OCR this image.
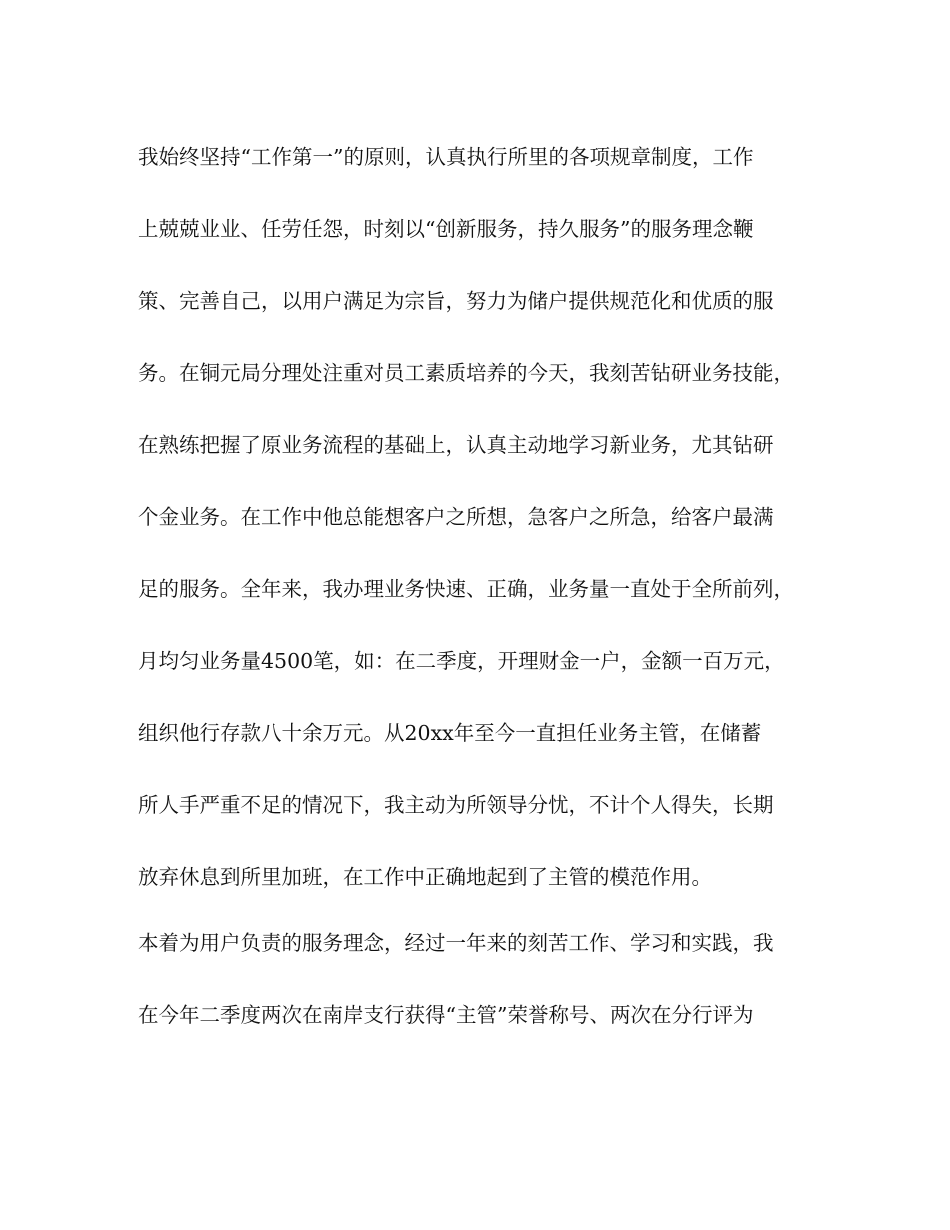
我始终坚持“工作第一”的原则，认真执行所里的各项规章制度，工作
上兢兢业业、任劳任怨，时刻以“创新服务，持久服务”的服务理念鞭
策、完善自己，以用户满足为宗旨，努力为储户提供规范化和优质的服
务。在铜元局分理处注重对员工素质培养的今天，我刻苦钻研业务技能，
在熟练把握了原业务流程的基础上，认真主动地学习新业务，尤其钻研
个金业务。在工作中他总能想客户之所想，急客户之所急，给客户最满
足的服务。全年来，我办理业务快速、正确，业务量一直处于全所前列，
月均匀业务量4500笔，如：在二季度，开理财金一户，金额一百万元，
组织他行存款八十余万元。从20xx年至今一直担任业务主管，在储蓄
所人手严重不足的情况下，我主动为所领导分忧，不计个人得失，长期
放弃休息到所里加班，在工作中正确地起到了主管的模范作用。
本着为用户负责的服务理念，经过一年来的刻苦工作、学习和实践，我
在今年二季度两次在南岸支行获得“主管”荣誉称号、两次在分行评为
